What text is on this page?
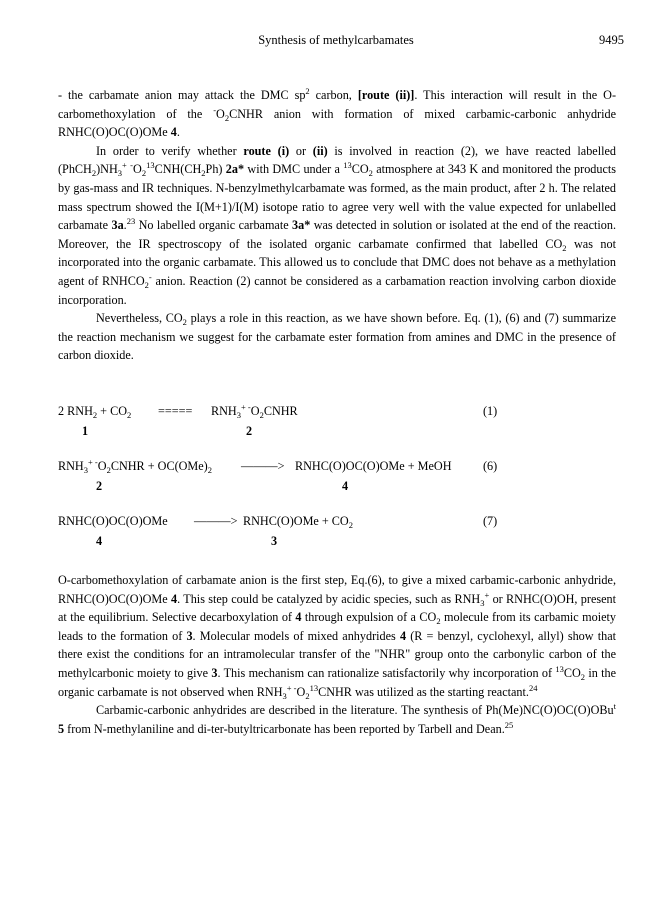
Synthesis of methylcarbamates	9495

- the carbamate anion may attack the DMC $sp^2$ carbon, [route (ii)]. This interaction will result in the O-carbomethoxylation of the $^-O_2CNHR$ anion with formation of mixed carbamic-carbonic anhydride RNHC(O)OC(O)OMe 4.

In order to verify whether route (i) or (ii) is involved in reaction (2), we have reacted labelled $(PhCH_2)NH_3^+$ $^-O_2^{13}CNH(CH_2Ph)$ 2a* with DMC under a $^{13}CO_2$ atmosphere at 343 K and monitored the products by gas-mass and IR techniques. N-benzylmethylcarbamate was formed, as the main product, after 2 h. The related mass spectrum showed the I(M+1)/I(M) isotope ratio to agree very well with the value expected for unlabelled carbamate 3a.$^{23}$ No labelled organic carbamate 3a* was detected in solution or isolated at the end of the reaction. Moreover, the IR spectroscopy of the isolated organic carbamate confirmed that labelled $CO_2$ was not incorporated into the organic carbamate. This allowed us to conclude that DMC does not behave as a methylation agent of $RNHCO_2^-$ anion. Reaction (2) cannot be considered as a carbamation reaction involving carbon dioxide incorporation.

Nevertheless, $CO_2$ plays a role in this reaction, as we have shown before. Eq. (1), (6) and (7) summarize the reaction mechanism we suggest for the carbamate ester formation from amines and DMC in the presence of carbon dioxide.

2 $RNH_2 + CO_2$ ===== $RNH_3^+$ $^-O_2CNHR$	(1)
1	2
$RNH_3^+$ $^-O_2CNHR + OC(OMe)_2$ ———> RNHC(O)OC(O)OMe + MeOH	(6)
2	4
RNHC(O)OC(O)OMe ———> RNHC(O)OMe + $CO_2$	(7)
4	3

O-carbomethoxylation of carbamate anion is the first step, Eq.(6), to give a mixed carbamic-carbonic anhydride, RNHC(O)OC(O)OMe 4. This step could be catalyzed by acidic species, such as $RNH_3^+$ or RNHC(O)OH, present at the equilibrium. Selective decarboxylation of 4 through expulsion of a $CO_2$ molecule from its carbamic moiety leads to the formation of 3. Molecular models of mixed anhydrides 4 (R = benzyl, cyclohexyl, allyl) show that there exist the conditions for an intramolecular transfer of the "NHR" group onto the carbonylic carbon of the methylcarbonic moiety to give 3. This mechanism can rationalize satisfactorily why incorporation of $^{13}CO_2$ in the organic carbamate is not observed when $RNH_3^+$ $^-O_2^{13}CNHR$ was utilized as the starting reactant.$^{24}$

Carbamic-carbonic anhydrides are described in the literature. The synthesis of Ph(Me)NC(O)OC(O)OBu$^t$ 5 from N-methylaniline and di-ter-butyltricarbonate has been reported by Tarbell and Dean.$^{25}$
